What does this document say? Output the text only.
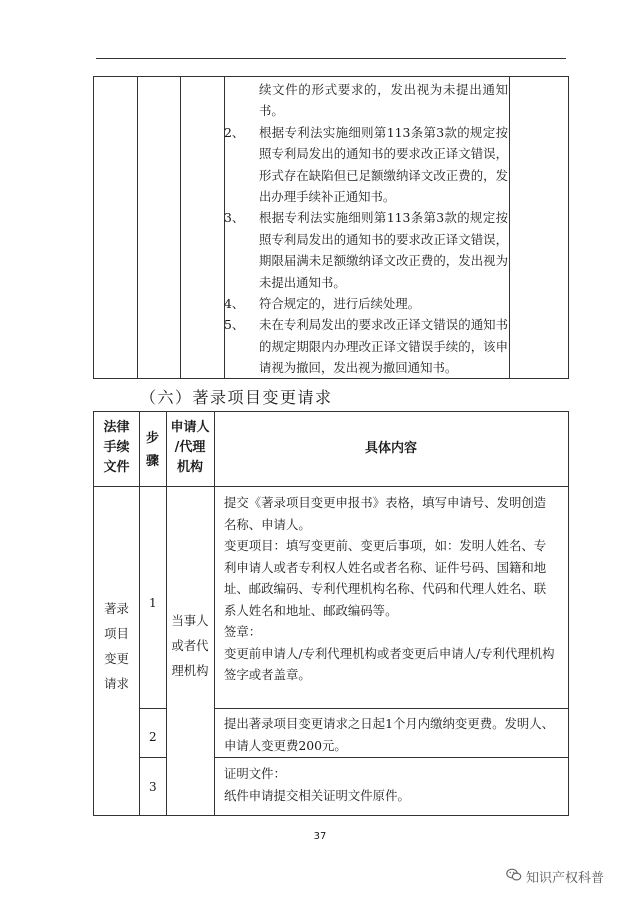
续文件的形式要求的，发出视为未提出通知书。
2、 根据专利法实施细则第113条第3款的规定按照专利局发出的通知书的要求改正译文错误，形式存在缺陷但已足额缴纳译文改正费的，发出办理手续补正通知书。
3、 根据专利法实施细则第113条第3款的规定按照专利局发出的通知书的要求改正译文错误，期限届满未足额缴纳译文改正费的，发出视为未提出通知书。
4、 符合规定的，进行后续处理。
5、 未在专利局发出的要求改正译文错误的通知书的规定期限内办理改正译文错误手续的，该申请视为撤回，发出视为撤回通知书。
（六）著录项目变更请求
法律
手续
文件
步
骤
申请人
/代理
机构
具体内容
著录
项目
变更
请求
当事人
或者代
理机构
1
2
3
提交《著录项目变更申报书》表格，填写申请号、发明创造名称、申请人。
变更项目：填写变更前、变更后事项，如：发明人姓名、专利申请人或者专利权人姓名或者名称、证件号码、国籍和地址、邮政编码、专利代理机构名称、代码和代理人姓名、联系人姓名和地址、邮政编码等。
签章：
变更前申请人/专利代理机构或者变更后申请人/专利代理机构签字或者盖章。
提出著录项目变更请求之日起1个月内缴纳变更费。发明人、申请人变更费200元。
证明文件：
纸件申请提交相关证明文件原件。
37
知识产权科普
